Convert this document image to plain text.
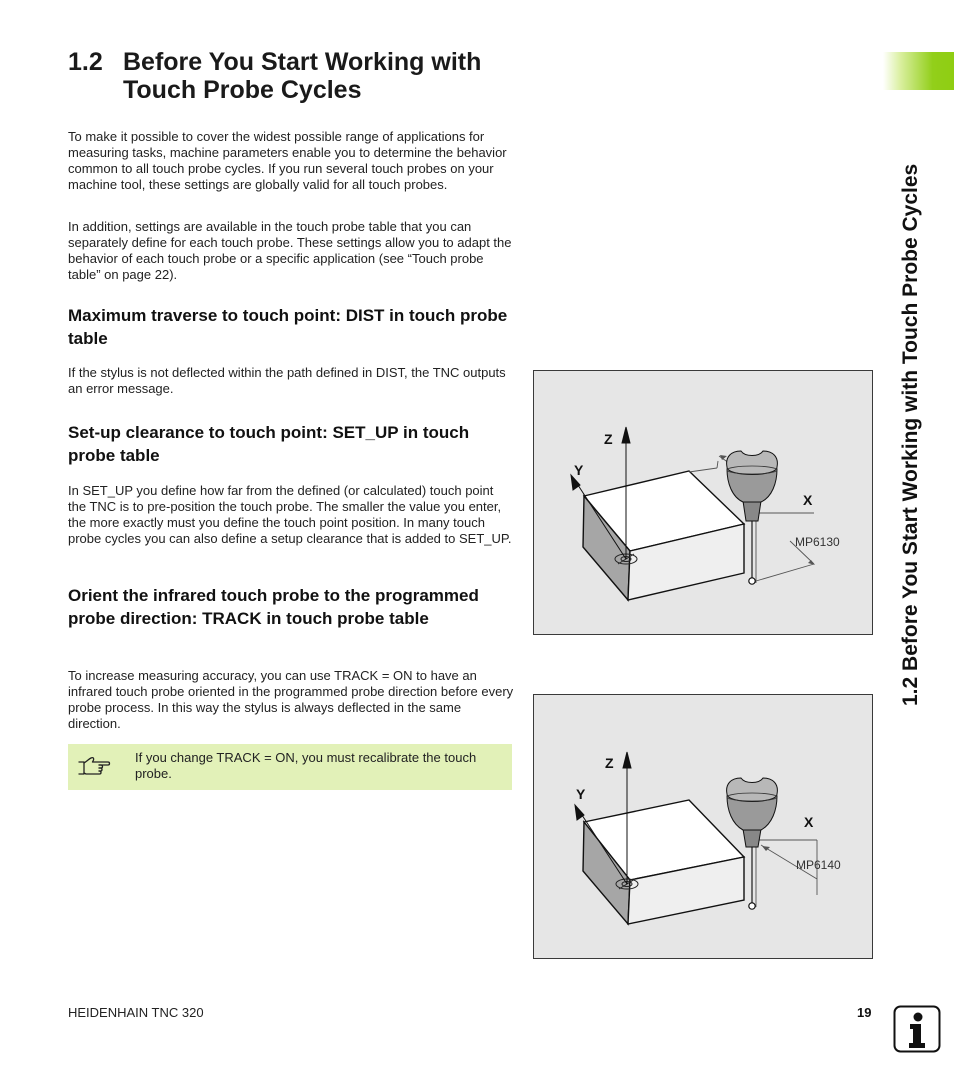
1.2 Before You Start Working with Touch Probe Cycles

To make it possible to cover the widest possible range of applications for measuring tasks, machine parameters enable you to determine the behavior common to all touch probe cycles. If you run several touch probes on your machine tool, these settings are globally valid for all touch probes.

In addition, settings are available in the touch probe table that you can separately define for each touch probe. These settings allow you to adapt the behavior of each touch probe or a specific application (see “Touch probe table” on page 22).

Maximum traverse to touch point: DIST in touch probe table

If the stylus is not deflected within the path defined in DIST, the TNC outputs an error message.

Set-up clearance to touch point: SET_UP in touch probe table

In SET_UP you define how far from the defined (or calculated) touch point the TNC is to pre-position the touch probe. The smaller the value you enter, the more exactly must you define the touch point position. In many touch probe cycles you can also define a setup clearance that is added to SET_UP.

Orient the infrared touch probe to the programmed probe direction: TRACK in touch probe table

To increase measuring accuracy, you can use TRACK = ON to have an infrared touch probe oriented in the programmed probe direction before every probe process. In this way the stylus is always deflected in the same direction.

If you change TRACK = ON, you must recalibrate the touch probe.
Z
Y
X
MP6130
Z
Y
X
MP6140
1.2 Before You Start Working with Touch Probe Cycles
HEIDENHAIN TNC 320	19
